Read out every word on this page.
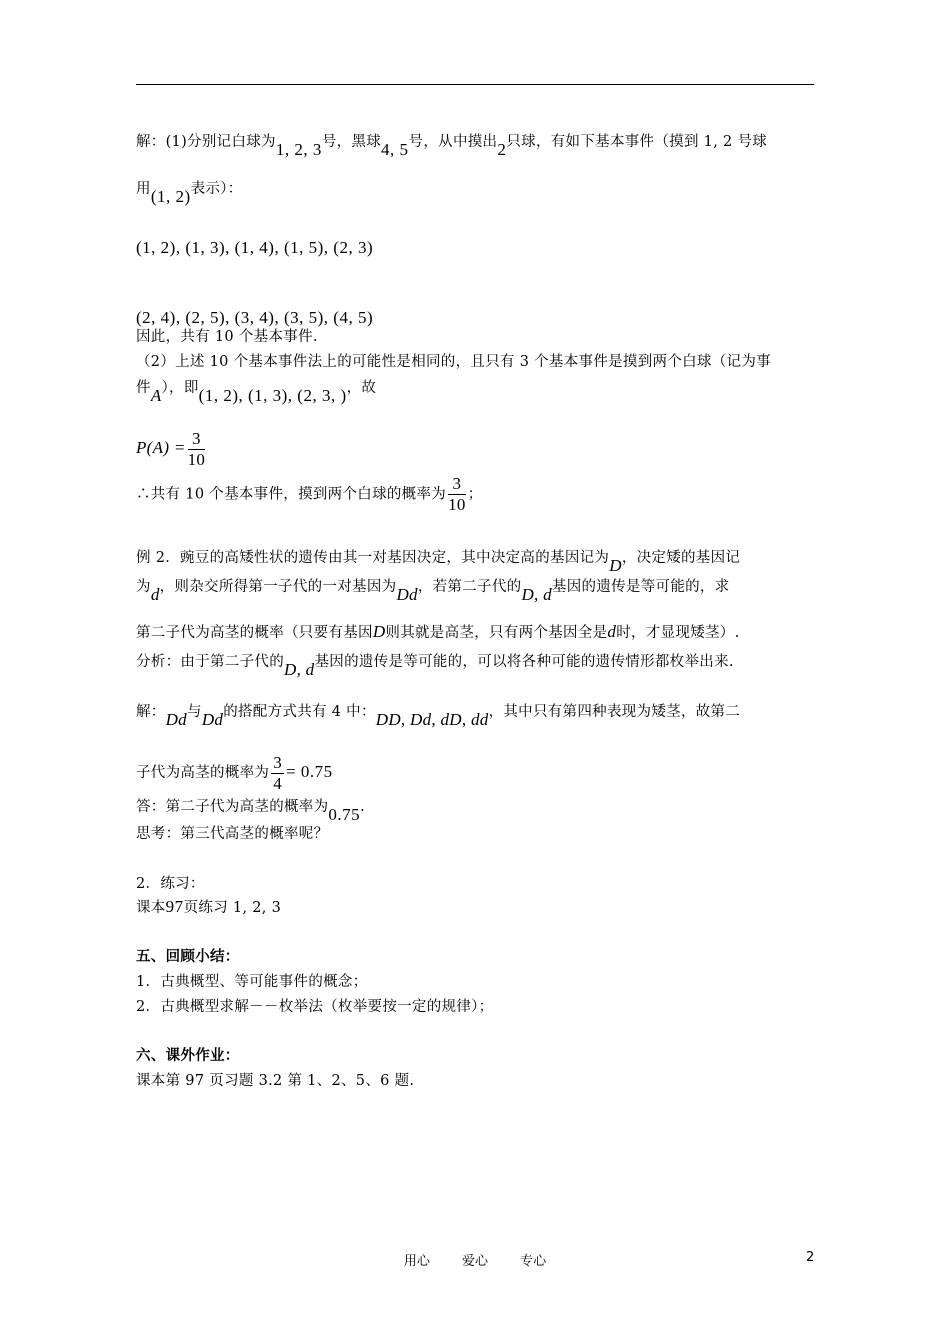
解：(1)分别记白球为1, 2, 3号，黑球4, 5号，从中摸出2只球，有如下基本事件（摸到 1, 2 号球
用(1, 2)表示）：
(1, 2), (1, 3), (1, 4), (1, 5), (2, 3)
(2, 4), (2, 5), (3, 4), (3, 5), (4, 5)
因此，共有 10 个基本事件.
（2）上述 10 个基本事件法上的可能性是相同的，且只有 3 个基本事件是摸到两个白球（记为事
件A），即(1, 2), (1, 3), (2, 3, )，故
$P(A) = \frac{3}{10}$
∴共有 10 个基本事件，摸到两个白球的概率为 $\frac{3}{10}$ ；
例 2．豌豆的高矮性状的遗传由其一对基因决定，其中决定高的基因记为D，决定矮的基因记
为d，则杂交所得第一子代的一对基因为Dd，若第二子代的D, d基因的遗传是等可能的，求
第二子代为高茎的概率（只要有基因D则其就是高茎，只有两个基因全是d时，才显现矮茎）.
分析：由于第二子代的D, d基因的遗传是等可能的，可以将各种可能的遗传情形都枚举出来.
解：Dd与Dd的搭配方式共有 4 中：DD, Dd, dD, dd，其中只有第四种表现为矮茎，故第二
子代为高茎的概率为 $\frac{3}{4} = 0.75$
答：第二子代为高茎的概率为0.75.
思考：第三代高茎的概率呢？
2．练习：
课本97页练习 1, 2, 3
五、回顾小结：
1．古典概型、等可能事件的概念；
2．古典概型求解－－枚举法（枚举要按一定的规律）；
六、课外作业：
课本第 97 页习题 3.2 第 1、2、5、6 题.
用心 爱心 专心	2
